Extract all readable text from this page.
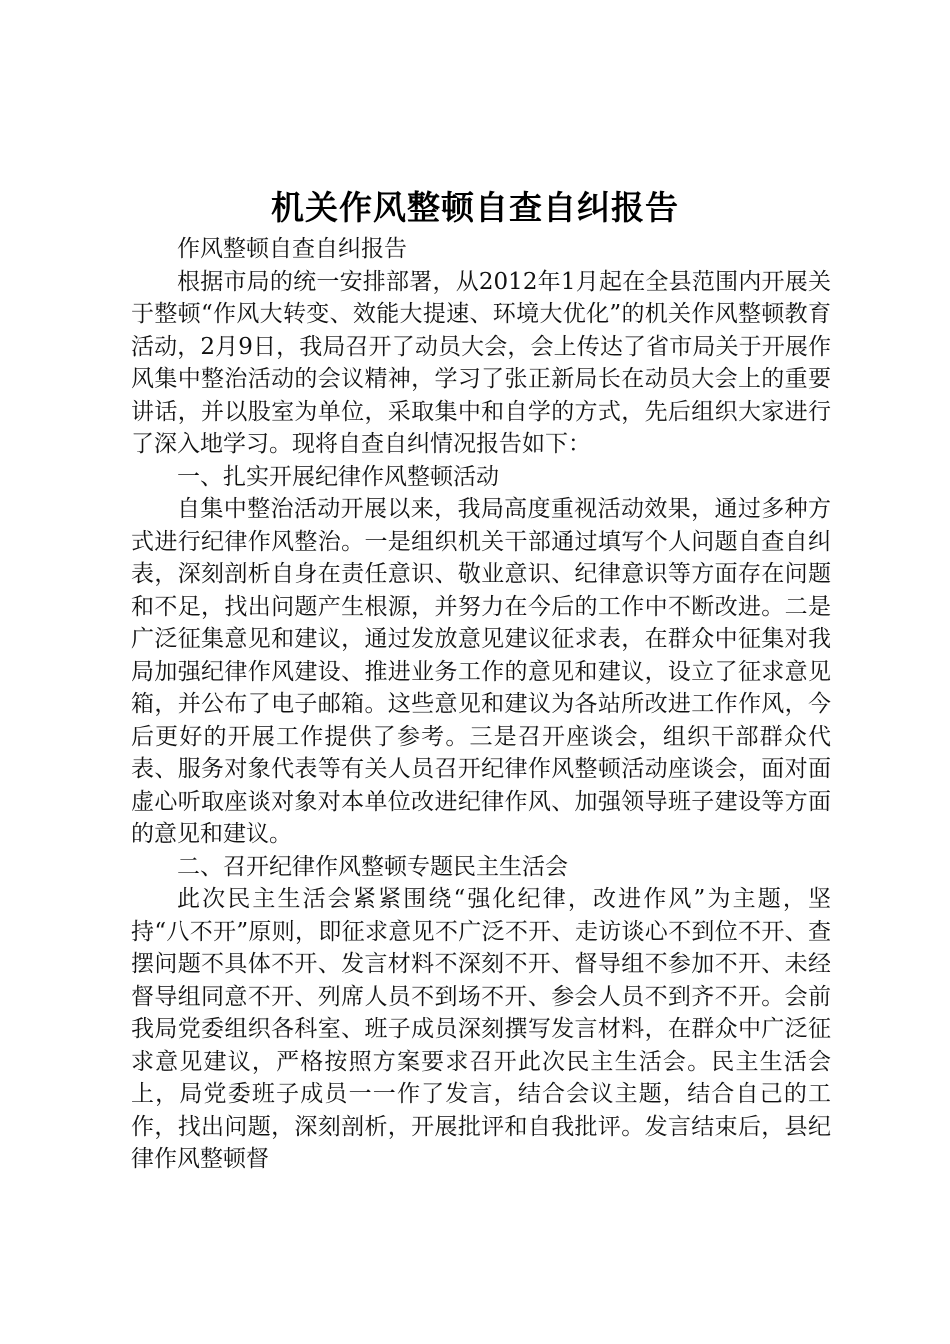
机关作风整顿自查自纠报告

作风整顿自查自纠报告

根据市局的统一安排部署，从2012年1月起在全县范围内开展关于整顿“作风大转变、效能大提速、环境大优化”的机关作风整顿教育活动，2月9日，我局召开了动员大会，会上传达了省市局关于开展作风集中整治活动的会议精神，学习了张正新局长在动员大会上的重要讲话，并以股室为单位，采取集中和自学的方式，先后组织大家进行了深入地学习。现将自查自纠情况报告如下：

一、扎实开展纪律作风整顿活动

自集中整治活动开展以来，我局高度重视活动效果，通过多种方式进行纪律作风整治。一是组织机关干部通过填写个人问题自查自纠表，深刻剖析自身在责任意识、敬业意识、纪律意识等方面存在问题和不足，找出问题产生根源，并努力在今后的工作中不断改进。二是广泛征集意见和建议，通过发放意见建议征求表，在群众中征集对我局加强纪律作风建设、推进业务工作的意见和建议，设立了征求意见箱，并公布了电子邮箱。这些意见和建议为各站所改进工作作风，今后更好的开展工作提供了参考。三是召开座谈会，组织干部群众代表、服务对象代表等有关人员召开纪律作风整顿活动座谈会，面对面虚心听取座谈对象对本单位改进纪律作风、加强领导班子建设等方面的意见和建议。

二、召开纪律作风整顿专题民主生活会

此次民主生活会紧紧围绕“强化纪律，改进作风”为主题，坚持“八不开”原则，即征求意见不广泛不开、走访谈心不到位不开、查摆问题不具体不开、发言材料不深刻不开、督导组不参加不开、未经督导组同意不开、列席人员不到场不开、参会人员不到齐不开。会前我局党委组织各科室、班子成员深刻撰写发言材料，在群众中广泛征求意见建议，严格按照方案要求召开此次民主生活会。民主生活会上，局党委班子成员一一作了发言，结合会议主题，结合自己的工作，找出问题，深刻剖析，开展批评和自我批评。发言结束后，县纪律作风整顿督
